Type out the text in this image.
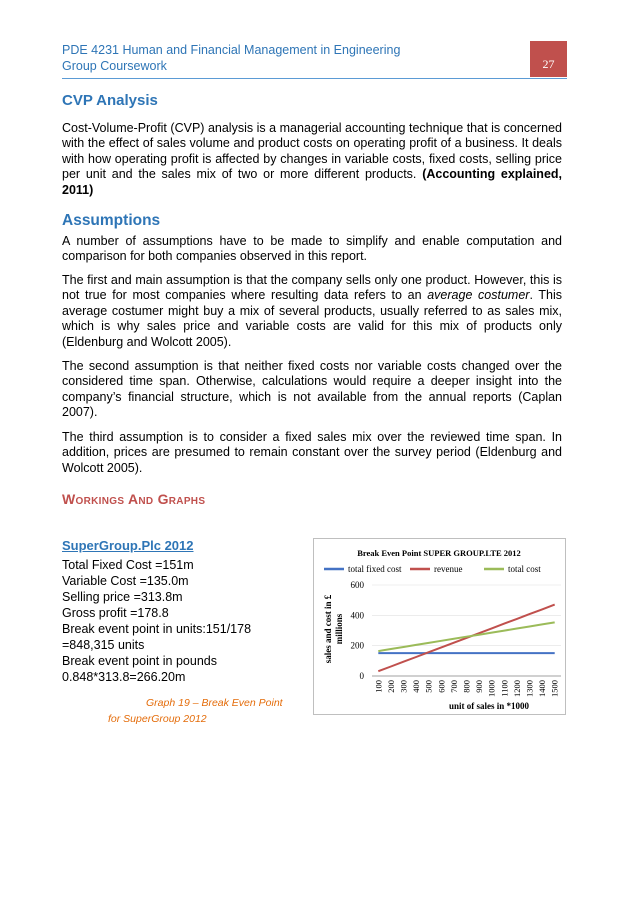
PDE 4231 Human and Financial Management in Engineering
Group Coursework	27
CVP Analysis

Cost-Volume-Profit (CVP) analysis is a managerial accounting technique that is concerned with the effect of sales volume and product costs on operating profit of a business. It deals with how operating profit is affected by changes in variable costs, fixed costs, selling price per unit and the sales mix of two or more different products. (Accounting explained, 2011)

Assumptions

A number of assumptions have to be made to simplify and enable computation and comparison for both companies observed in this report.

The first and main assumption is that the company sells only one product. However, this is not true for most companies where resulting data refers to an average costumer. This average costumer might buy a mix of several products, usually referred to as sales mix, which is why sales price and variable costs are valid for this mix of products only (Eldenburg and Wolcott 2005).

The second assumption is that neither fixed costs nor variable costs changed over the considered time span. Otherwise, calculations would require a deeper insight into the company’s financial structure, which is not available from the annual reports (Caplan 2007).

The third assumption is to consider a fixed sales mix over the reviewed time span. In addition, prices are presumed to remain constant over the survey period (Eldenburg and Wolcott 2005).

Workings And Graphs
SuperGroup.Plc 2012
Total Fixed Cost =151m
Variable Cost =135.0m
Selling price =313.8m
Gross profit =178.8
Break event point in units:151/178
=848,315 units
Break event point in pounds
0.848*313.8=266.20m
Graph 19 – Break Even Point
for SuperGroup 2012
Break Even Point SUPER GROUP.LTE 2012
total fixed cost	revenue	total cost
sales and cost in £ millions
0
200
400
600
100 200 300 400 500 600 700 800 900 1000 1100 1200 1300 1400 1500
unit of sales in *1000
